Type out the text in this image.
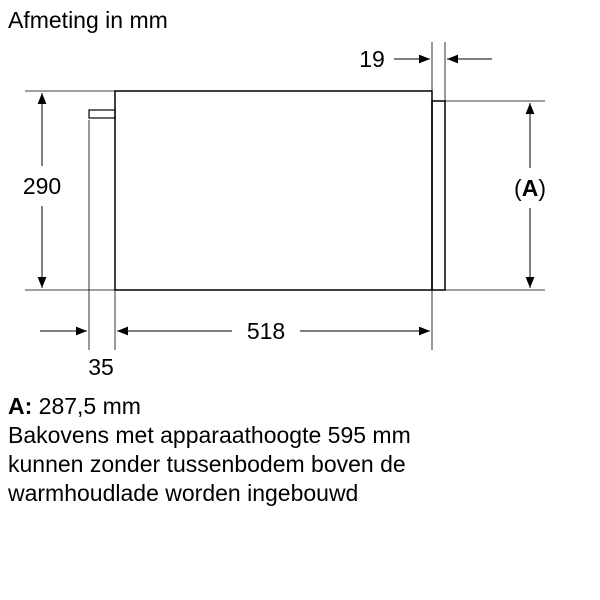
Afmeting in mm
290	(A)
518
35
19
A: 287,5 mm
Bakovens met apparaathoogte 595 mm
kunnen zonder tussenbodem boven de
warmhoudlade worden ingebouwd
